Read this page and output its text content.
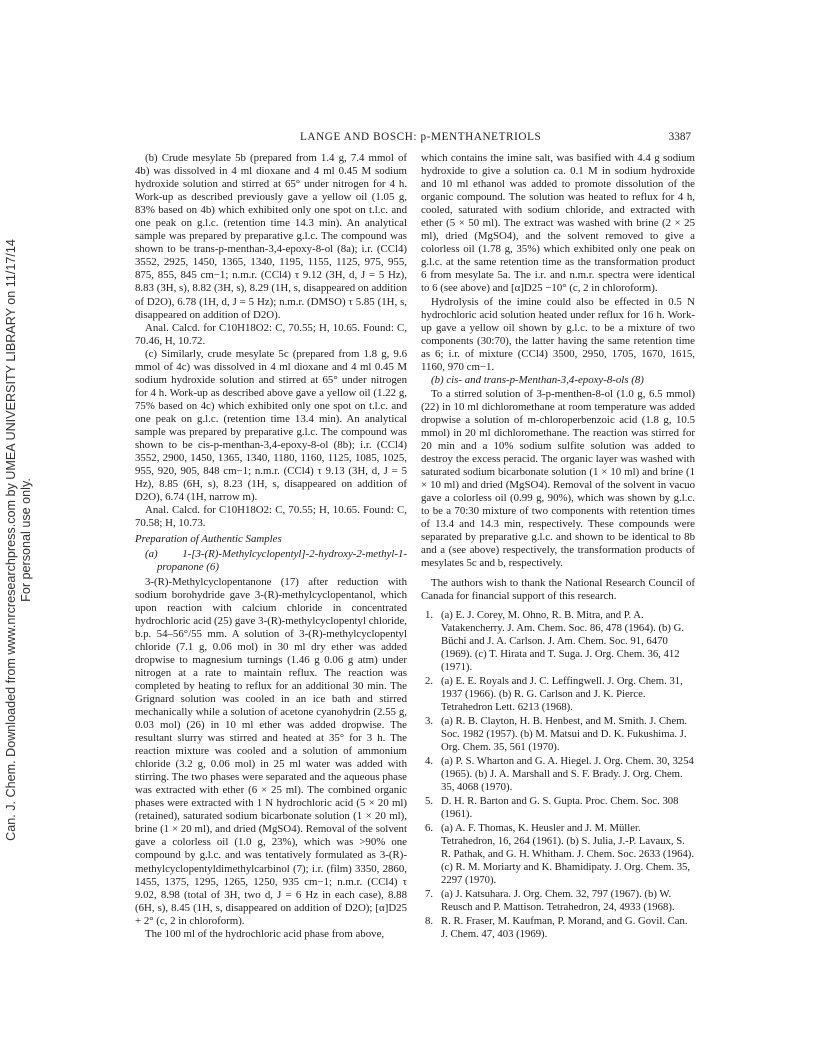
Can. J. Chem. Downloaded from www.nrcresearchpress.com by UMEA UNIVERSITY LIBRARY on 11/17/14 For personal use only.
LANGE AND BOSCH: p-MENTHANETRIOLS	3387

(b) Crude mesylate 5b (prepared from 1.4 g, 7.4 mmol of 4b) was dissolved in 4 ml dioxane and 4 ml 0.45 M sodium hydroxide solution and stirred at 65° under nitrogen for 4 h. Work-up as described previously gave a yellow oil (1.05 g, 83% based on 4b) which exhibited only one spot on t.l.c. and one peak on g.l.c. (retention time 14.3 min). An analytical sample was prepared by preparative g.l.c. The compound was shown to be trans-p-menthan-3,4-epoxy-8-ol (8a); i.r. (CCl4) 3552, 2925, 1450, 1365, 1340, 1195, 1155, 1125, 975, 955, 875, 855, 845 cm−1; n.m.r. (CCl4) τ 9.12 (3H, d, J = 5 Hz), 8.83 (3H, s), 8.82 (3H, s), 8.29 (1H, s, disappeared on addition of D2O), 6.78 (1H, d, J = 5 Hz); n.m.r. (DMSO) τ 5.85 (1H, s, disappeared on addition of D2O).

Anal. Calcd. for C10H18O2: C, 70.55; H, 10.65. Found: C, 70.46, H, 10.72.

(c) Similarly, crude mesylate 5c (prepared from 1.8 g, 9.6 mmol of 4c) was dissolved in 4 ml dioxane and 4 ml 0.45 M sodium hydroxide solution and stirred at 65° under nitrogen for 4 h. Work-up as described above gave a yellow oil (1.22 g, 75% based on 4c) which exhibited only one spot on t.l.c. and one peak on g.l.c. (retention time 13.4 min). An analytical sample was prepared by preparative g.l.c. The compound was shown to be cis-p-menthan-3,4-epoxy-8-ol (8b); i.r. (CCl4) 3552, 2900, 1450, 1365, 1340, 1180, 1160, 1125, 1085, 1025, 955, 920, 905, 848 cm−1; n.m.r. (CCl4) τ 9.13 (3H, d, J = 5 Hz), 8.85 (6H, s), 8.23 (1H, s, disappeared on addition of D2O), 6.74 (1H, narrow m).

Anal. Calcd. for C10H18O2: C, 70.55; H, 10.65. Found: C, 70.58; H, 10.73.

Preparation of Authentic Samples
(a) 1-[3-(R)-Methylcyclopentyl]-2-hydroxy-2-methyl-1-propanone (6)

3-(R)-Methylcyclopentanone (17) after reduction with sodium borohydride gave 3-(R)-methylcyclopentanol, which upon reaction with calcium chloride in concentrated hydrochloric acid (25) gave 3-(R)-methylcyclopentyl chloride, b.p. 54–56°/55 mm. A solution of 3-(R)-methylcyclopentyl chloride (7.1 g, 0.06 mol) in 30 ml dry ether was added dropwise to magnesium turnings (1.46 g 0.06 g atm) under nitrogen at a rate to maintain reflux. The reaction was completed by heating to reflux for an additional 30 min. The Grignard solution was cooled in an ice bath and stirred mechanically while a solution of acetone cyanohydrin (2.55 g, 0.03 mol) (26) in 10 ml ether was added dropwise. The resultant slurry was stirred and heated at 35° for 3 h. The reaction mixture was cooled and a solution of ammonium chloride (3.2 g, 0.06 mol) in 25 ml water was added with stirring. The two phases were separated and the aqueous phase was extracted with ether (6 × 25 ml). The combined organic phases were extracted with 1 N hydrochloric acid (5 × 20 ml) (retained), saturated sodium bicarbonate solution (1 × 20 ml), brine (1 × 20 ml), and dried (MgSO4). Removal of the solvent gave a colorless oil (1.0 g, 23%), which was >90% one compound by g.l.c. and was tentatively formulated as 3-(R)-methylcyclopentyldimethylcarbinol (7); i.r. (film) 3350, 2860, 1455, 1375, 1295, 1265, 1250, 935 cm−1; n.m.r. (CCl4) τ 9.02, 8.98 (total of 3H, two d, J = 6 Hz in each case), 8.88 (6H, s), 8.45 (1H, s, disappeared on addition of D2O); [α]D25 + 2° (c, 2 in chloroform).

The 100 ml of the hydrochloric acid phase from above,

which contains the imine salt, was basified with 4.4 g sodium hydroxide to give a solution ca. 0.1 M in sodium hydroxide and 10 ml ethanol was added to promote dissolution of the organic compound. The solution was heated to reflux for 4 h, cooled, saturated with sodium chloride, and extracted with ether (5 × 50 ml). The extract was washed with brine (2 × 25 ml), dried (MgSO4), and the solvent removed to give a colorless oil (1.78 g, 35%) which exhibited only one peak on g.l.c. at the same retention time as the transformation product 6 from mesylate 5a. The i.r. and n.m.r. spectra were identical to 6 (see above) and [α]D25 −10° (c, 2 in chloroform).

Hydrolysis of the imine could also be effected in 0.5 N hydrochloric acid solution heated under reflux for 16 h. Work-up gave a yellow oil shown by g.l.c. to be a mixture of two components (30:70), the latter having the same retention time as 6; i.r. of mixture (CCl4) 3500, 2950, 1705, 1670, 1615, 1160, 970 cm−1.

(b) cis- and trans-p-Menthan-3,4-epoxy-8-ols (8)

To a stirred solution of 3-p-menthen-8-ol (1.0 g, 6.5 mmol) (22) in 10 ml dichloromethane at room temperature was added dropwise a solution of m-chloroperbenzoic acid (1.8 g, 10.5 mmol) in 20 ml dichloromethane. The reaction was stirred for 20 min and a 10% sodium sulfite solution was added to destroy the excess peracid. The organic layer was washed with saturated sodium bicarbonate solution (1 × 10 ml) and brine (1 × 10 ml) and dried (MgSO4). Removal of the solvent in vacuo gave a colorless oil (0.99 g, 90%), which was shown by g.l.c. to be a 70:30 mixture of two components with retention times of 13.4 and 14.3 min, respectively. These compounds were separated by preparative g.l.c. and shown to be identical to 8b and a (see above) respectively, the transformation products of mesylates 5c and b, respectively.

The authors wish to thank the National Research Council of Canada for financial support of this research.

1. (a) E. J. Corey, M. Ohno, R. B. Mitra, and P. A. Vatakencherry. J. Am. Chem. Soc. 86, 478 (1964). (b) G. Büchi and J. A. Carlson. J. Am. Chem. Soc. 91, 6470 (1969). (c) T. Hirata and T. Suga. J. Org. Chem. 36, 412 (1971).
2. (a) E. E. Royals and J. C. Leffingwell. J. Org. Chem. 31, 1937 (1966). (b) R. G. Carlson and J. K. Pierce. Tetrahedron Lett. 6213 (1968).
3. (a) R. B. Clayton, H. B. Henbest, and M. Smith. J. Chem. Soc. 1982 (1957). (b) M. Matsui and D. K. Fukushima. J. Org. Chem. 35, 561 (1970).
4. (a) P. S. Wharton and G. A. Hiegel. J. Org. Chem. 30, 3254 (1965). (b) J. A. Marshall and S. F. Brady. J. Org. Chem. 35, 4068 (1970).
5. D. H. R. Barton and G. S. Gupta. Proc. Chem. Soc. 308 (1961).
6. (a) A. F. Thomas, K. Heusler and J. M. Müller. Tetrahedron, 16, 264 (1961). (b) S. Julia, J.-P. Lavaux, S. R. Pathak, and G. H. Whitham. J. Chem. Soc. 2633 (1964). (c) R. M. Moriarty and K. Bhamidipaty. J. Org. Chem. 35, 2297 (1970).
7. (a) J. Katsuhara. J. Org. Chem. 32, 797 (1967). (b) W. Reusch and P. Mattison. Tetrahedron, 24, 4933 (1968).
8. R. R. Fraser, M. Kaufman, P. Morand, and G. Govil. Can. J. Chem. 47, 403 (1969).
